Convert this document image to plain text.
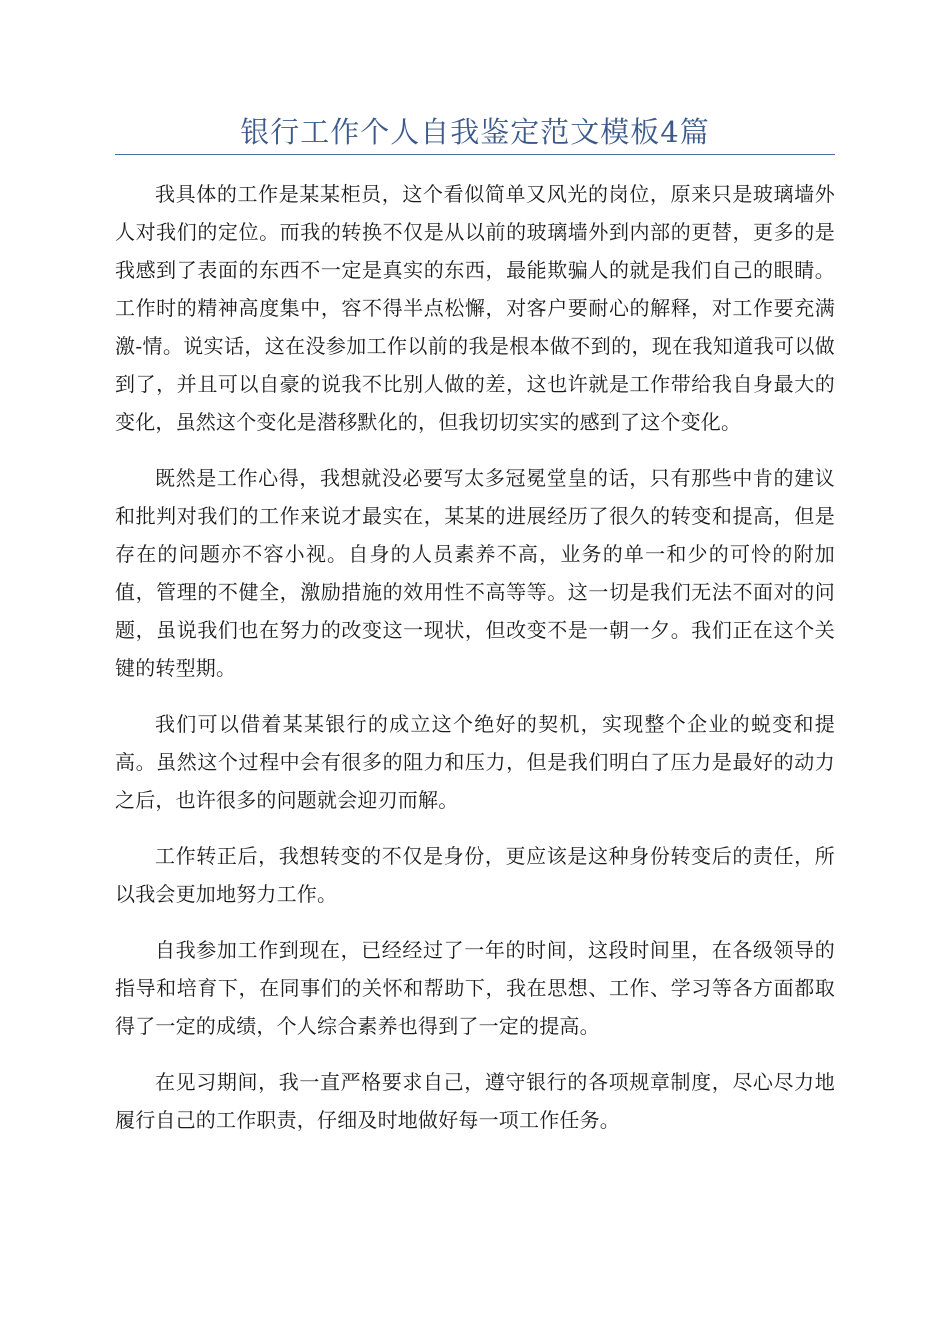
银行工作个人自我鉴定范文模板4篇

我具体的工作是某某柜员，这个看似简单又风光的岗位，原来只是玻璃墙外人对我们的定位。而我的转换不仅是从以前的玻璃墙外到内部的更替，更多的是我感到了表面的东西不一定是真实的东西，最能欺骗人的就是我们自己的眼睛。工作时的精神高度集中，容不得半点松懈，对客户要耐心的解释，对工作要充满激-情。说实话，这在没参加工作以前的我是根本做不到的，现在我知道我可以做到了，并且可以自豪的说我不比别人做的差，这也许就是工作带给我自身最大的变化，虽然这个变化是潜移默化的，但我切切实实的感到了这个变化。

既然是工作心得，我想就没必要写太多冠冕堂皇的话，只有那些中肯的建议和批判对我们的工作来说才最实在，某某的进展经历了很久的转变和提高，但是存在的问题亦不容小视。自身的人员素养不高，业务的单一和少的可怜的附加值，管理的不健全，激励措施的效用性不高等等。这一切是我们无法不面对的问题，虽说我们也在努力的改变这一现状，但改变不是一朝一夕。我们正在这个关键的转型期。

我们可以借着某某银行的成立这个绝好的契机，实现整个企业的蜕变和提高。虽然这个过程中会有很多的阻力和压力，但是我们明白了压力是最好的动力之后，也许很多的问题就会迎刃而解。

工作转正后，我想转变的不仅是身份，更应该是这种身份转变后的责任，所以我会更加地努力工作。

自我参加工作到现在，已经经过了一年的时间，这段时间里，在各级领导的指导和培育下，在同事们的关怀和帮助下，我在思想、工作、学习等各方面都取得了一定的成绩，个人综合素养也得到了一定的提高。

在见习期间，我一直严格要求自己，遵守银行的各项规章制度，尽心尽力地履行自己的工作职责，仔细及时地做好每一项工作任务。
